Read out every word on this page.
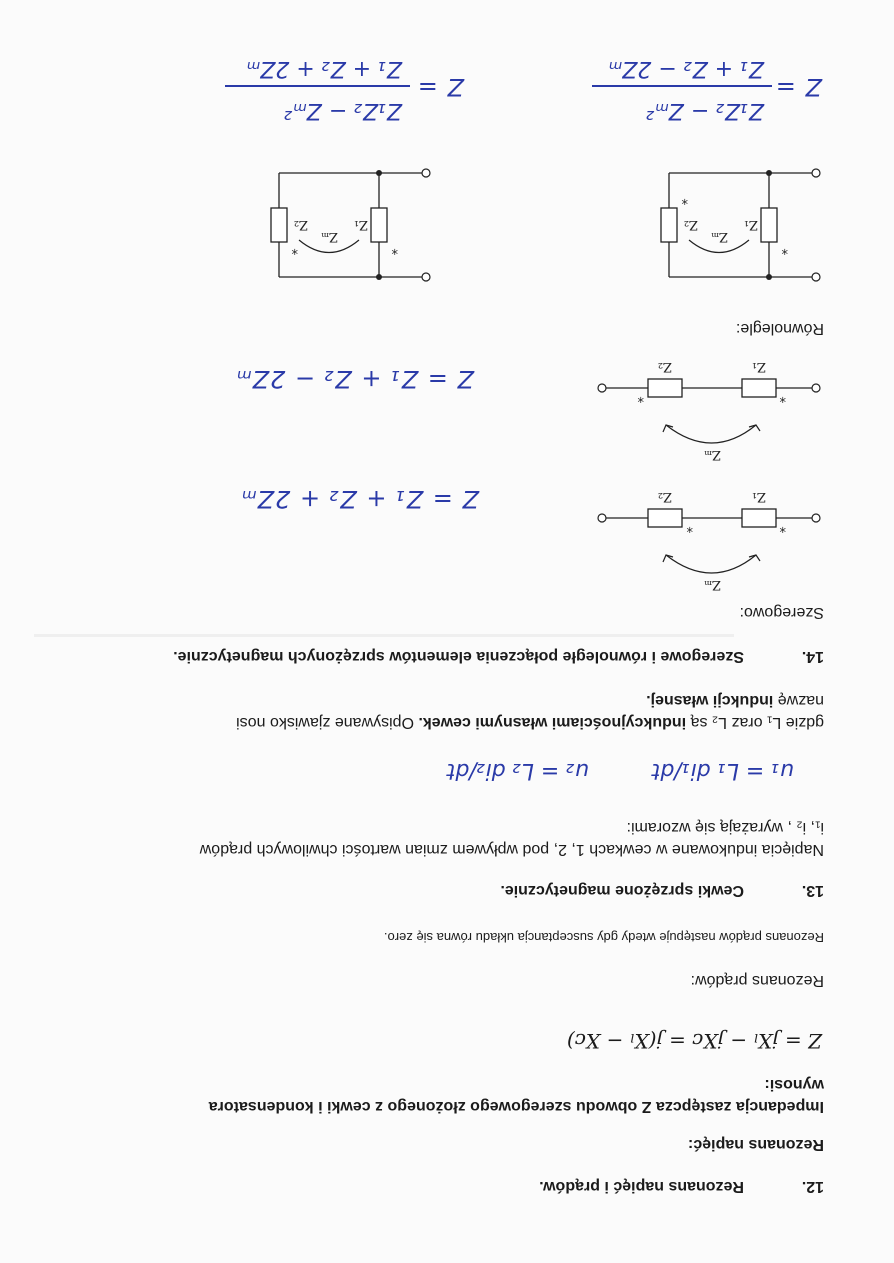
12.
Rezonans napięć i prądów.
Rezonans napięć:
Impedancja zastępcza Z obwodu szeregowego złożonego z cewki i kondensatora
wynosi:
Z = jXₗ − jXᴄ = j(Xₗ − Xᴄ)
Rezonans prądów:
Rezonans prądów następuje wtedy gdy susceptancja układu równa się zero.
13.
Cewki sprzężone magnetycznie.
Napięcia indukowane w cewkach 1, 2, pod wpływem zmian wartości chwilowych prądów
i₁, i₂ , wyrażają się wzorami:
u₁ = L₁ di₁/dt
u₂ = L₂ di₂/dt
gdzie L₁ oraz L₂ są indukcyjnościami własnymi cewek. Opisywane zjawisko nosi
nazwę indukcji własnej.
14.
Szeregowe i równoległe połączenia elementów sprzężonych magnetycznie.
Szeregowo:
Zₘ
*
*
Z₁
Z₂
Z = Z₁ + Z₂ + 2Zₘ
Zₘ
*
*
Z₁
Z₂
Z = Z₁ + Z₂ − 2Zₘ
Równolegle:
*
*
Z₁
Z₂
Zₘ
*
*
Z₁
Z₂
Zₘ
Z =
Z₁Z₂ − Zₘ²
Z₁ + Z₂ − 2Zₘ
Z =
Z₁Z₂ − Zₘ²
Z₁ + Z₂ + 2Zₘ
